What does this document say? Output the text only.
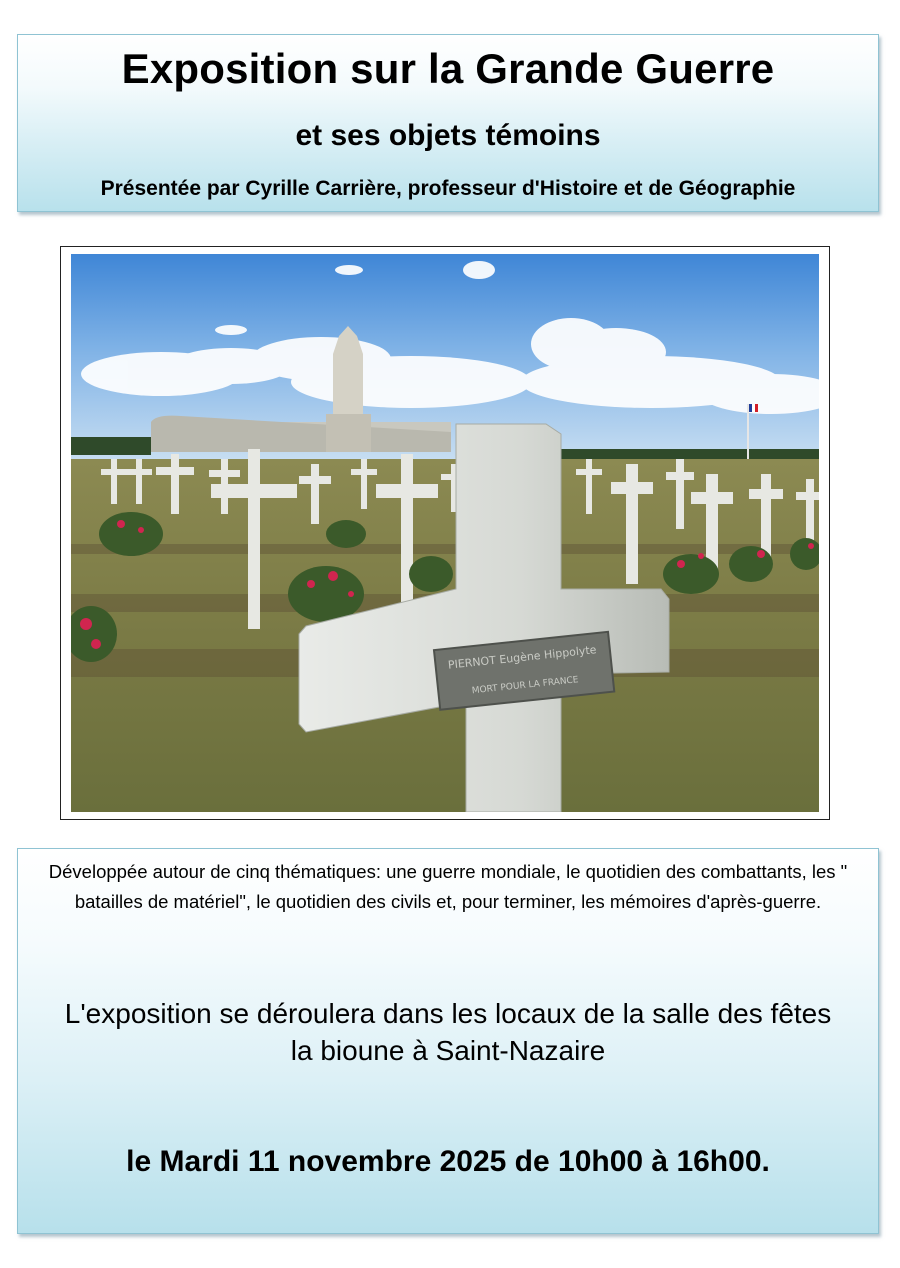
Exposition sur la Grande Guerre
et ses objets témoins
Présentée par Cyrille Carrière, professeur d'Histoire et de Géographie
PIERNOT Eugène Hippolyte
MORT POUR LA FRANCE
Développée autour de cinq thématiques: une guerre mondiale, le quotidien des combattants, les " batailles de matériel", le quotidien des civils et, pour terminer, les mémoires d'après-guerre.
L'exposition se déroulera dans les locaux de la salle des fêtes
la bioune à Saint-Nazaire
le Mardi 11 novembre 2025 de 10h00 à 16h00.
